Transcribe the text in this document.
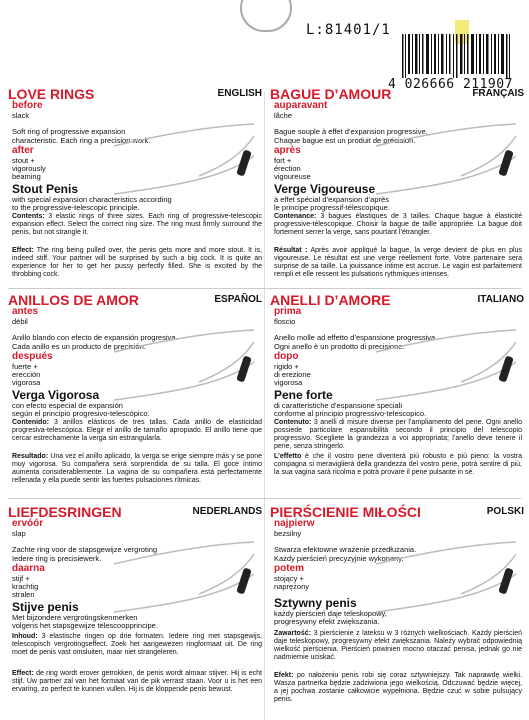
L:81401/1
4 026666 211907
LOVE RINGS	ENGLISH
before
slack
Soft ring of progressive expansion
characteristic. Each ring a precision work.
after
stout +
vigorously
beaming
Stout Penis
with special expansion characteristics according
to the progressive-telescopic principle.
Contents: 3 elastic rings of three sizes. Each ring of progressive-telescopic expansion effect. Select the correct ring size. The ring must firmly surround the penis, but not strangle it.
Effect: The ring being pulled over, the penis gets more and more stout. It is, indeed stiff. Your partner will be surprised by such a big cock. It is quite an experience for her to get her pussy perfectly filled. She is excited by the throbbing cock.
BAGUE D’AMOUR	FRANÇAIS
auparavant
lâche
Bague souple à effet d’expansion progressive.
Chaque bague est un produit de précision.
après
fort +
érection
vigoureuse
Verge Vigoureuse
à effet spécial d’expansion d’après
le principe progressif-télescopique.
Contenance: 3 bagues élastiques de 3 tailles. Chaque bague à élasticité progressive-télescopique. Choisir la bague de taille appropriée. La bague doit fortement serrer la verge, sans pourtant l’étrangler.
Résultat : Après avoir appliqué la bague, la verge devient de plus en plus vigoureuse. Le résultat est une verge réellement forte. Votre partenaire sera surprise de sa taille. La jouissance intime est accrue. Le vagin est parfaitement rempli et elle ressent les pulsations rythmiques intenses.
ANILLOS DE AMOR	ESPAÑOL
antes
débil
Anillo blando con efecto de expansión progresiva.
Cada anillo es un producto de precisión.
después
fuerte +
erección
vigorosa
Verga Vigorosa
con efecto especial de expansión
según el principio progresivo-telescópico.
Contenido: 3 anillos elásticos de tres tallas. Cada anillo de elasticidad progresiva-telescópica. Elegir el anillo de tamaño apropiado. El anillo tiene que cercar estrechamente la verga sin estrangularla.
Resultado: Una vez el anillo aplicado, la verga se erige siempre más y se pone muy vigorosa. Su compañera será sorprendida de su talla. El goce íntimo aumenta considerablemente. La vagina de su compañera está perfectamente rellenada y ella puede sentir las fuertes pulsaciones rítmicas.
ANELLI D’AMORE	ITALIANO
prima
floscio
Anello molle ad effetto d’espansione progressiva.
Ogni anello è un prodotto di precisione.
dopo
rigido +
di erezione
vigorosa
Pene forte
di caratteristiche d’espansione speciali
conforme al principio progressivo-telescopico.
Contenuto: 3 anelli di misure diverse per l’ampliamento del pene. Ogni anello possiede particolare espansibilità secondo il principio del telescopio progressivo. Scegliete la grandezza a voi appropriata; l’anello deve tenere il pene, senza stringerlo.
L’effetto è che il vostro pene diventerà più robusto e più pieno: la vostra compagna si meraviglierà della grandezza del vostro pene, potrà sentire di più, la sua vagina sarà ricolma e potrà provare il pene pulsante in sé.
LIEFDESRINGEN	NEDERLANDS
ervóór
slap
Zachte ring voor de stapsgewijze vergroting
Iedere ring is precisiewerk.
daarna
stijf +
krachtig
stralen
Stijve penis
Met bijzondere vergrotingskenmerken
volgens het stapsgewijze telescoopprincipe.
Inhoud: 3 elastische ringen op drie formaten. Iedere ring met stapsgewijs, telescopisch vergrotingseffect. Zoek het aangewezen ringformaat uit. De ring moet de penis vast omsluiten, maar niet strangeleren.
Effect: de ring wordt erover getrokken, de penis wordt almaar stijver. Hij is echt stijf. Uw partner zal van het formaat van de pik verrast staan. Voor u is het een ervaring, zo perfect te kunnen vullen. Hij is de kloppende penis bewust.
PIERŚCIENIE MIŁOŚCI	POLSKI
najpierw
bezsilny
Stwarza efektowne wrażenie przedłużania.
Każdy pierścień precyzyjnie wykonany.
potem
stojący +
naprężony
Sztywny penis
każdy pierścień daje teleskopowy,
progresywny efekt zwiększania.
Zawartość: 3 pierścienie z lateksu w 3 różnych wielkościach. Każdy pierścień daje teleskopowy, progresywny efekt zwiększania. Należy wybrać odpowiednią wielkość pierścienia. Pierścień powinien mocno otaczać penisa, jednak go nie nadmiernie uciskać.
Efekt: po nałożeniu penis robi się coraz sztywniejszy. Tak naprawdę wielki. Wasza partnerka będzie zadziwiona jego wielkością. Odczuwać będzie więcej, a jej pochwa zostanie całkowicie wypełniona. Będzie czuć w sobie pulsujący penis.
